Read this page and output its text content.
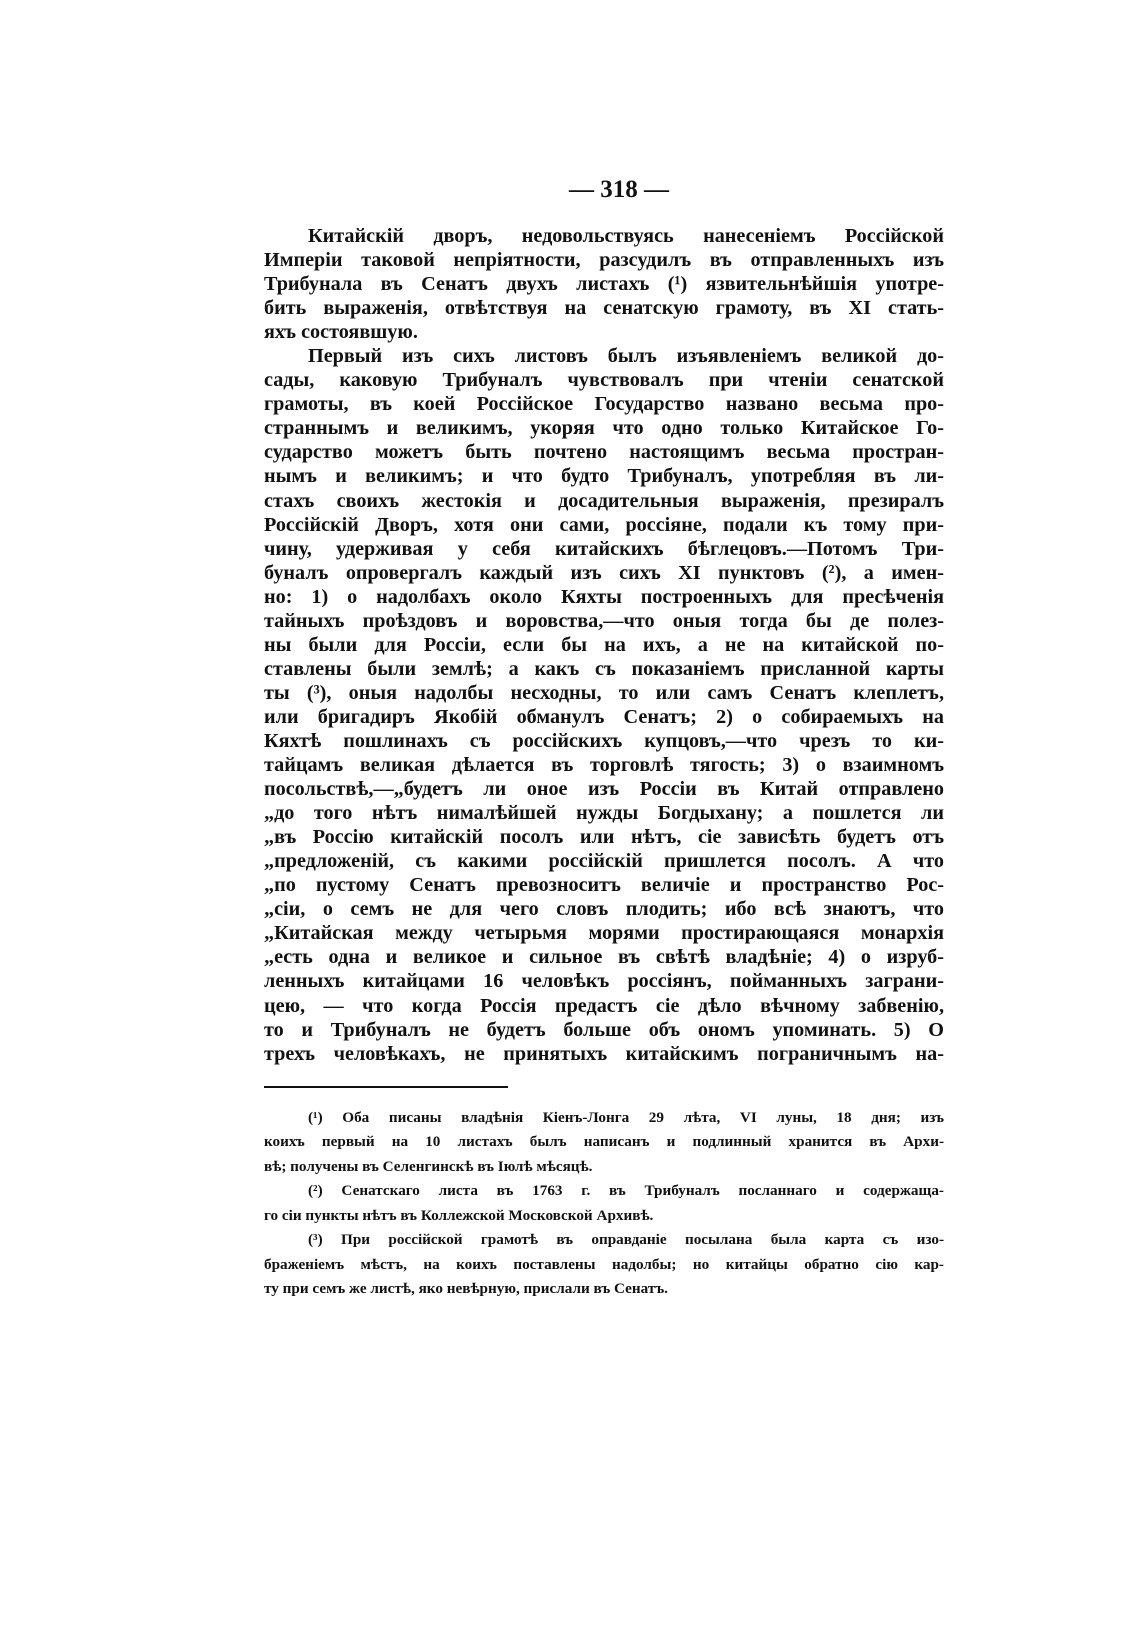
— 318 —
Китайскій дворъ, недовольствуясь нанесеніемъ Россійской
Имперіи таковой непріятности, разсудилъ въ отправленныхъ изъ
Трибунала въ Сенатъ двухъ листахъ (¹) язвительнѣйшія употре-
бить выраженія, отвѣтствуя на сенатскую грамоту, въ XI стать-
яхъ состоявшую.
Первый изъ сихъ листовъ былъ изъявленіемъ великой до-
сады, каковую Трибуналъ чувствовалъ при чтеніи сенатской
грамоты, въ коей Россійское Государство названо весьма про-
страннымъ и великимъ, укоряя что одно только Китайское Го-
сударство можетъ быть почтено настоящимъ весьма простран-
нымъ и великимъ; и что будто Трибуналъ, употребляя въ ли-
стахъ своихъ жестокія и досадительныя выраженія, презиралъ
Россійскій Дворъ, хотя они сами, россіяне, подали къ тому при-
чину, удерживая у себя китайскихъ бѣглецовъ.—Потомъ Три-
буналъ опровергалъ каждый изъ сихъ XI пунктовъ (²), а имен-
но: 1) о надолбахъ около Кяхты построенныхъ для пресѣченія
тайныхъ проѣздовъ и воровства,—что оныя тогда бы де полез-
ны были для Россіи, если бы на ихъ, а не на китайской по-
ставлены были землѣ; а какъ съ показаніемъ присланной карты
ты (³), оныя надолбы несходны, то или самъ Сенатъ клеплетъ,
или бригадиръ Якобій обманулъ Сенатъ; 2) о собираемыхъ на
Кяхтѣ пошлинахъ съ россійскихъ купцовъ,—что чрезъ то ки-
тайцамъ великая дѣлается въ торговлѣ тягость; 3) о взаимномъ
посольствѣ,—„будетъ ли оное изъ Россіи въ Китай отправлено
„до того нѣтъ нималѣйшей нужды Богдыхану; а пошлется ли
„въ Россію китайскій посолъ или нѣтъ, сіе зависѣть будетъ отъ
„предложеній, съ какими россійскій пришлется посолъ. А что
„по пустому Сенатъ превозноситъ величіе и пространство Рос-
„сіи, о семъ не для чего словъ плодить; ибо всѣ знаютъ, что
„Китайская между четырьмя морями простирающаяся монархія
„есть одна и великое и сильное въ свѣтѣ владѣніе; 4) о изруб-
ленныхъ китайцами 16 человѣкъ россіянъ, пойманныхъ заграни-
цею, — что когда Россія предастъ сіе дѣло вѣчному забвенію,
то и Трибуналъ не будетъ больше объ ономъ упоминать. 5) О
трехъ человѣкахъ, не принятыхъ китайскимъ пограничнымъ на-
(¹) Оба писаны владѣнія Кіенъ-Лонга 29 лѣта, VI луны, 18 дня; изъ
коихъ первый на 10 листахъ былъ написанъ и подлинный хранится въ Архи-
вѣ; получены въ Селенгинскѣ въ Іюлѣ мѣсяцѣ.
(²) Сенатскаго листа въ 1763 г. въ Трибуналъ посланнаго и содержаща-
го сіи пункты нѣтъ въ Коллежской Московской Архивѣ.
(³) При россійской грамотѣ въ оправданіе посылана была карта съ изо-
браженіемъ мѣстъ, на коихъ поставлены надолбы; но китайцы обратно сію кар-
ту при семъ же листѣ, яко невѣрную, прислали въ Сенатъ.
